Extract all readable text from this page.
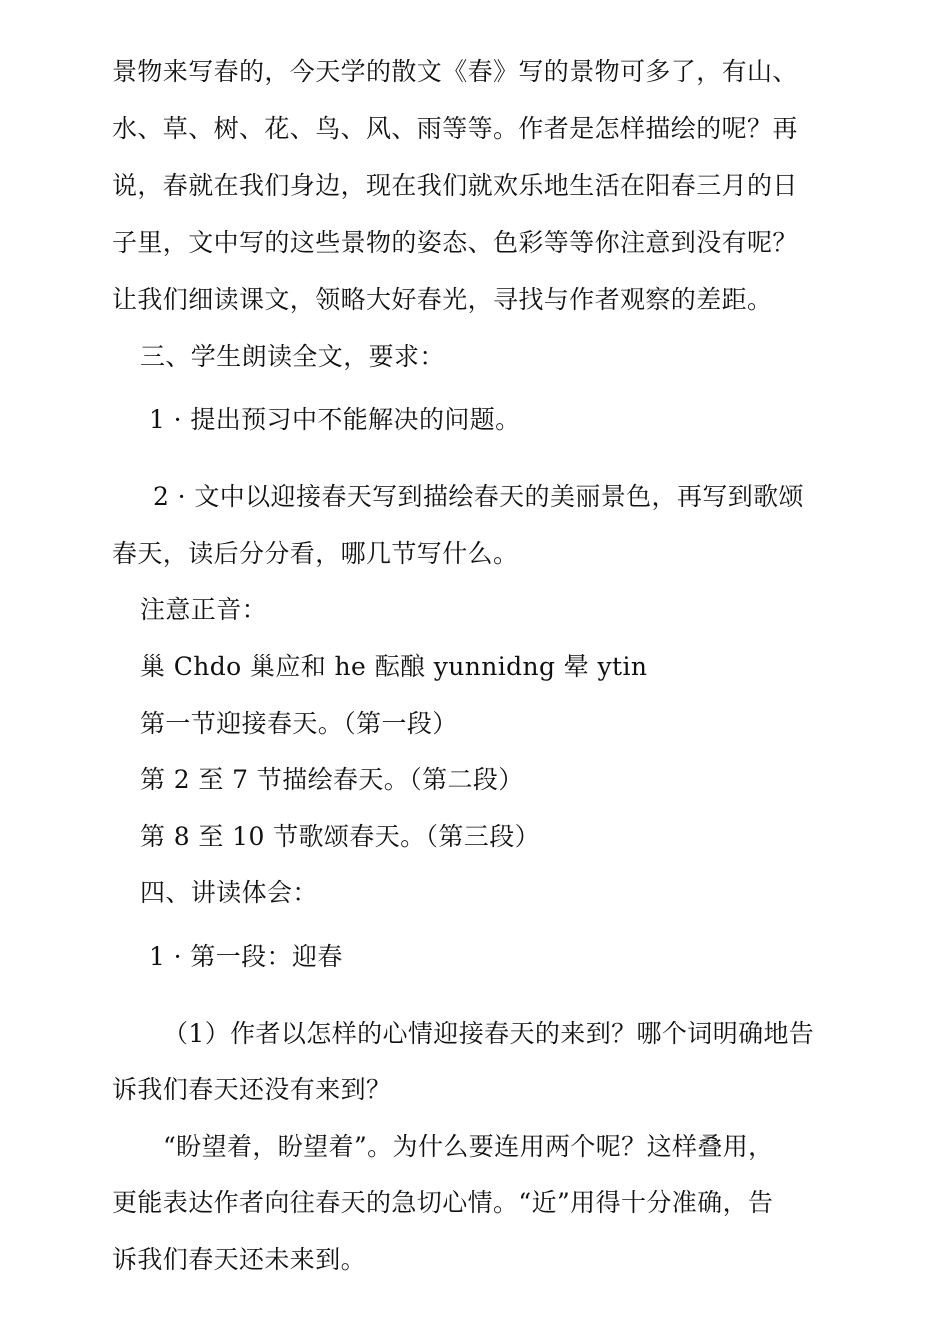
景物来写春的，今天学的散文《春》写的景物可多了，有山、
水、草、树、花、鸟、风、雨等等。作者是怎样描绘的呢？再
说，春就在我们身边，现在我们就欢乐地生活在阳春三月的日
子里，文中写的这些景物的姿态、色彩等等你注意到没有呢？
让我们细读课文，领略大好春光，寻找与作者观察的差距。
三、学生朗读全文，要求：
1 · 提出预习中不能解决的问题。
2 · 文中以迎接春天写到描绘春天的美丽景色，再写到歌颂
春天，读后分分看，哪几节写什么。
注意正音：
巢 Chdo 巢应和 he 酝酿 yunnidng 晕 ytin
第一节迎接春天。（第一段）
第 2 至 7 节描绘春天。（第二段）
第 8 至 10 节歌颂春天。（第三段）
四、讲读体会：
1 · 第一段：迎春
（1）作者以怎样的心情迎接春天的来到？哪个词明确地告
诉我们春天还没有来到？
“盼望着，盼望着”。为什么要连用两个呢？这样叠用，
更能表达作者向往春天的急切心情。“近”用得十分准确，告
诉我们春天还未来到。
